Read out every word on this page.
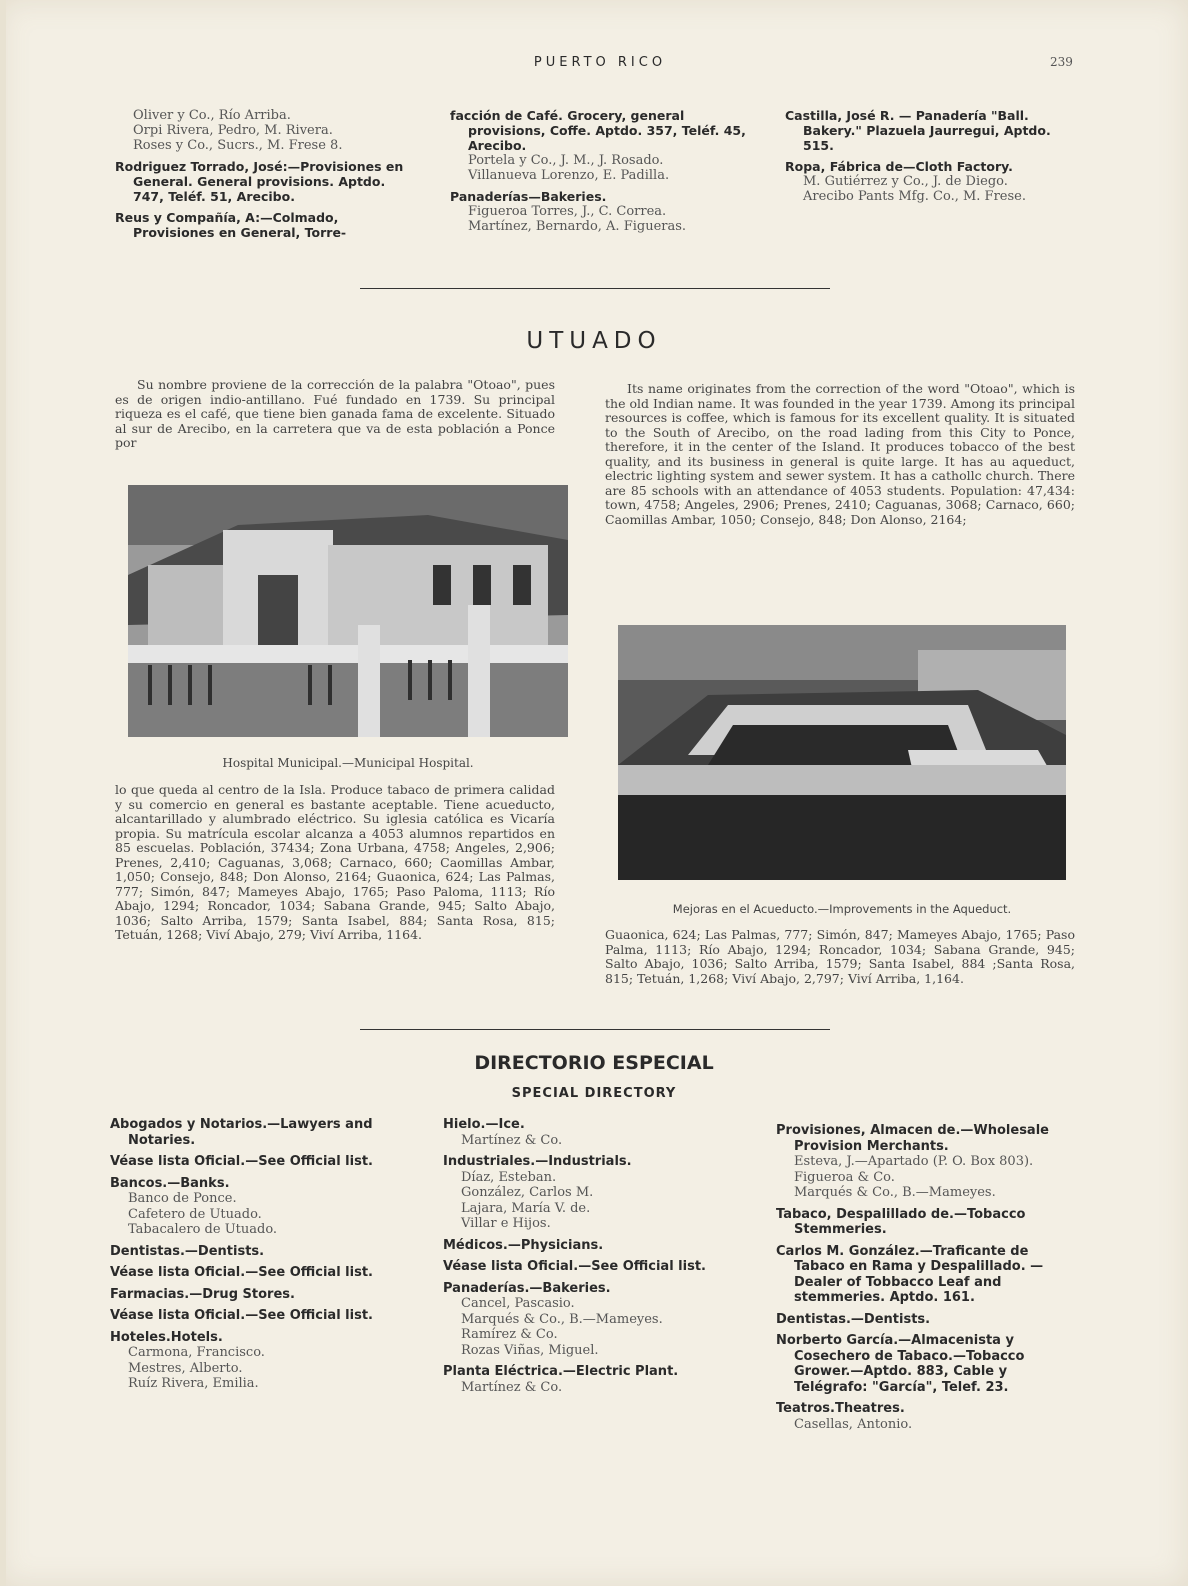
PUERTO RICO	239
Oliver y Co., Río Arriba.
Orpi Rivera, Pedro, M. Rivera.
Roses y Co., Sucrs., M. Frese 8.
Rodriguez Torrado, José:—Provisiones en General. General provisions. Aptdo. 747, Teléf. 51, Arecibo.
Reus y Compañía, A:—Colmado, Provisiones en General, Torre-
facción de Café. Grocery, general provisions, Coffe. Aptdo. 357, Teléf. 45, Arecibo.
Portela y Co., J. M., J. Rosado.
Villanueva Lorenzo, E. Padilla.
Panaderías—Bakeries.
Figueroa Torres, J., C. Correa.
Martínez, Bernardo, A. Figueras.
Castilla, José R. — Panadería "Ball. Bakery." Plazuela Jaurregui, Aptdo. 515.
Ropa, Fábrica de—Cloth Factory.
M. Gutiérrez y Co., J. de Diego.
Arecibo Pants Mfg. Co., M. Frese.
UTUADO
Su nombre proviene de la corrección de la palabra "Otoao", pues es de origen indio-antillano. Fué fundado en 1739. Su principal riqueza es el café, que tiene bien ganada fama de excelente. Situado al sur de Arecibo, en la carretera que va de esta población a Ponce por
Hospital Municipal.—Municipal Hospital.
lo que queda al centro de la Isla. Produce tabaco de primera calidad y su comercio en general es bastante aceptable. Tiene acueducto, alcantarillado y alumbrado eléctrico. Su iglesia católica es Vicaría propia. Su matrícula escolar alcanza a 4053 alumnos repartidos en 85 escuelas. Población, 37434; Zona Urbana, 4758; Angeles, 2,906; Prenes, 2,410; Caguanas, 3,068; Carnaco, 660; Caomillas Ambar, 1,050; Consejo, 848; Don Alonso, 2164; Guaonica, 624; Las Palmas, 777; Simón, 847; Mameyes Abajo, 1765; Paso Paloma, 1113; Río Abajo, 1294; Roncador, 1034; Sabana Grande, 945; Salto Abajo, 1036; Salto Arriba, 1579; Santa Isabel, 884; Santa Rosa, 815; Tetuán, 1268; Viví Abajo, 279; Viví Arriba, 1164.
Its name originates from the correction of the word "Otoao", which is the old Indian name. It was founded in the year 1739. Among its principal resources is coffee, which is famous for its excellent quality. It is situated to the South of Arecibo, on the road lading from this City to Ponce, therefore, it in the center of the Island. It produces tobacco of the best quality, and its business in general is quite large. It has au aqueduct, electric lighting system and sewer system. It has a cathollc church. There are 85 schools with an attendance of 4053 students. Population: 47,434: town, 4758; Angeles, 2906; Prenes, 2410; Caguanas, 3068; Carnaco, 660; Caomillas Ambar, 1050; Consejo, 848; Don Alonso, 2164;
Mejoras en el Acueducto.—Improvements in the Aqueduct.
Guaonica, 624; Las Palmas, 777; Simón, 847; Mameyes Abajo, 1765; Paso Palma, 1113; Río Abajo, 1294; Roncador, 1034; Sabana Grande, 945; Salto Abajo, 1036; Salto Arriba, 1579; Santa Isabel, 884 ;Santa Rosa, 815; Tetuán, 1,268; Viví Abajo, 2,797; Viví Arriba, 1,164.
DIRECTORIO ESPECIAL
SPECIAL DIRECTORY
Abogados y Notarios.—Lawyers and Notaries.
Véase lista Oficial.—See Official list.
Bancos.—Banks.
Banco de Ponce.
Cafetero de Utuado.
Tabacalero de Utuado.
Dentistas.—Dentists.
Véase lista Oficial.—See Official list.
Farmacias.—Drug Stores.
Véase lista Oficial.—See Official list.
Hoteles.Hotels.
Carmona, Francisco.
Mestres, Alberto.
Ruíz Rivera, Emilia.
Hielo.—Ice.
Martínez & Co.
Industriales.—Industrials.
Díaz, Esteban.
González, Carlos M.
Lajara, María V. de.
Villar e Hijos.
Médicos.—Physicians.
Véase lista Oficial.—See Official list.
Panaderías.—Bakeries.
Cancel, Pascasio.
Marqués & Co., B.—Mameyes.
Ramírez & Co.
Rozas Viñas, Miguel.
Planta Eléctrica.—Electric Plant.
Martínez & Co.
Provisiones, Almacen de.—Wholesale Provision Merchants.
Esteva, J.—Apartado (P. O. Box 803).
Figueroa & Co.
Marqués & Co., B.—Mameyes.
Tabaco, Despalillado de.—Tobacco Stemmeries.
Carlos M. González.—Traficante de Tabaco en Rama y Despalillado. —Dealer of Tobbacco Leaf and stemmeries. Aptdo. 161.
Dentistas.—Dentists.
Norberto García.—Almacenista y Cosechero de Tabaco.—Tobacco Grower.—Aptdo. 883, Cable y Telégrafo: "García", Telef. 23.
Teatros.Theatres.
Casellas, Antonio.
